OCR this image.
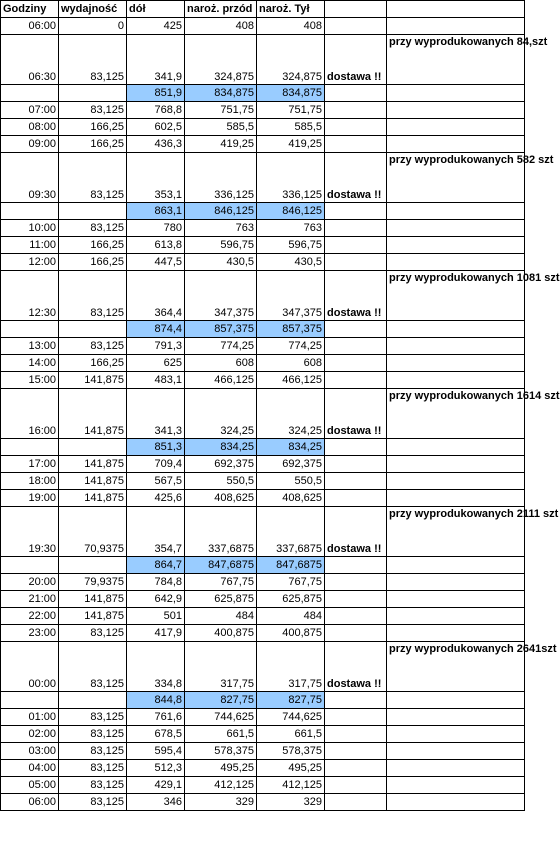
Godziny	wydajność	dół	naroż. przód	naroż. Tył		
06:00	0	425	408	408		
06:30	83,125	341,9	324,875	324,875	dostawa !!	przy wyprodukowanych 84,szt
		851,9	834,875	834,875		
07:00	83,125	768,8	751,75	751,75		
08:00	166,25	602,5	585,5	585,5		
09:00	166,25	436,3	419,25	419,25		
09:30	83,125	353,1	336,125	336,125	dostawa !!	przy wyprodukowanych 582 szt
		863,1	846,125	846,125		
10:00	83,125	780	763	763		
11:00	166,25	613,8	596,75	596,75		
12:00	166,25	447,5	430,5	430,5		
12:30	83,125	364,4	347,375	347,375	dostawa !!	przy wyprodukowanych 1081 szt
		874,4	857,375	857,375		
13:00	83,125	791,3	774,25	774,25		
14:00	166,25	625	608	608		
15:00	141,875	483,1	466,125	466,125		
16:00	141,875	341,3	324,25	324,25	dostawa !!	przy wyprodukowanych 1614 szt
		851,3	834,25	834,25		
17:00	141,875	709,4	692,375	692,375		
18:00	141,875	567,5	550,5	550,5		
19:00	141,875	425,6	408,625	408,625		
19:30	70,9375	354,7	337,6875	337,6875	dostawa !!	przy wyprodukowanych 2111 szt
		864,7	847,6875	847,6875		
20:00	79,9375	784,8	767,75	767,75		
21:00	141,875	642,9	625,875	625,875		
22:00	141,875	501	484	484		
23:00	83,125	417,9	400,875	400,875		
00:00	83,125	334,8	317,75	317,75	dostawa !!	przy wyprodukowanych 2641szt
		844,8	827,75	827,75		
01:00	83,125	761,6	744,625	744,625		
02:00	83,125	678,5	661,5	661,5		
03:00	83,125	595,4	578,375	578,375		
04:00	83,125	512,3	495,25	495,25		
05:00	83,125	429,1	412,125	412,125		
06:00	83,125	346	329	329		
